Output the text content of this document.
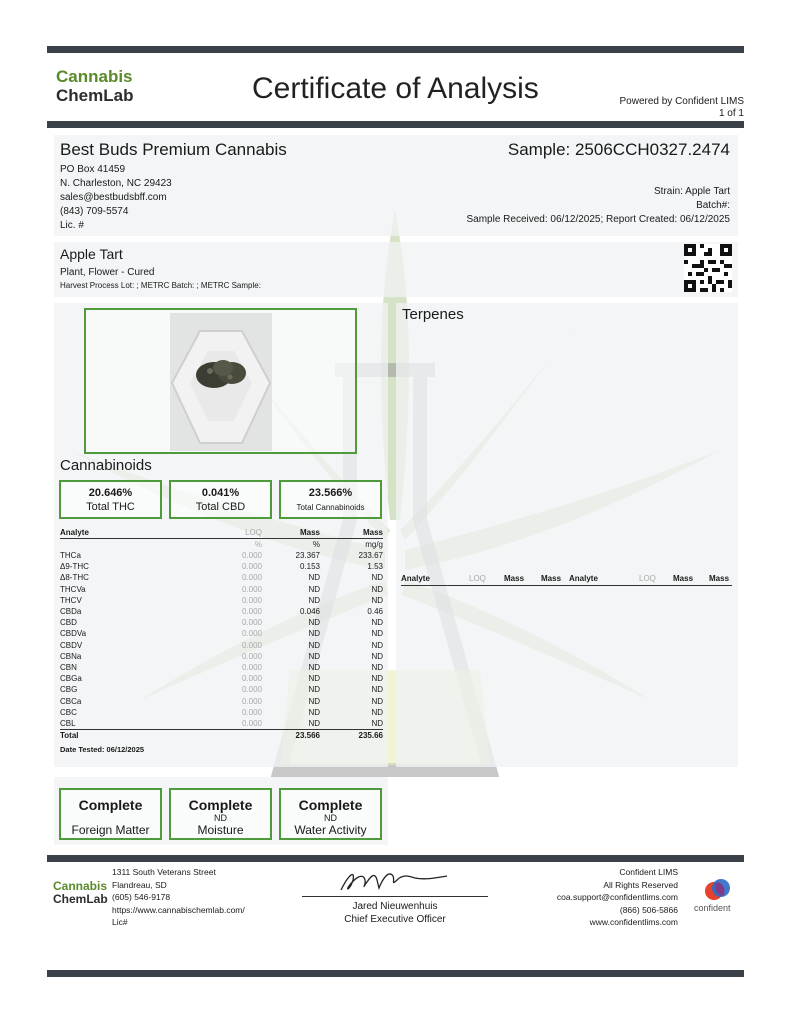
Cannabis
ChemLab	Certificate of Analysis	Powered by Confident LIMS
1 of 1
Best Buds Premium Cannabis
PO Box 41459
N. Charleston, NC 29423
sales@bestbudsbff.com
(843) 709-5574
Lic. #
Sample: 2506CCH0327.2474
Strain: Apple Tart
Batch#:
Sample Received: 06/12/2025; Report Created: 06/12/2025
Apple Tart
Plant, Flower - Cured
Harvest Process Lot: ; METRC Batch: ; METRC Sample:
Cannabinoids
20.646%
Total THC
0.041%
Total CBD
23.566%
Total Cannabinoids
Analyte	LOQ	Mass	Mass
	%	%	mg/g
THCa	0.000	23.367	233.67
Δ9-THC	0.000	0.153	1.53
Δ8-THC	0.000	ND	ND
THCVa	0.000	ND	ND
THCV	0.000	ND	ND
CBDa	0.000	0.046	0.46
CBD	0.000	ND	ND
CBDVa	0.000	ND	ND
CBDV	0.000	ND	ND
CBNa	0.000	ND	ND
CBN	0.000	ND	ND
CBGa	0.000	ND	ND
CBG	0.000	ND	ND
CBCa	0.000	ND	ND
CBC	0.000	ND	ND
CBL	0.000	ND	ND
Total		23.566	235.66
Date Tested: 06/12/2025
Terpenes
Analyte	LOQ Mass Mass Analyte	LOQ Mass Mass
Complete
Foreign Matter
Complete
ND
Moisture
Complete
ND
Water Activity
Cannabis
ChemLab
1311 South Veterans Street
Flandreau, SD
(605) 546-9178
https://www.cannabischemlab.com/
Lic#
Jared Nieuwenhuis
Chief Executive Officer
Confident LIMS
All Rights Reserved
coa.support@confidentlims.com
(866) 506-5866
www.confidentlims.com
confident
